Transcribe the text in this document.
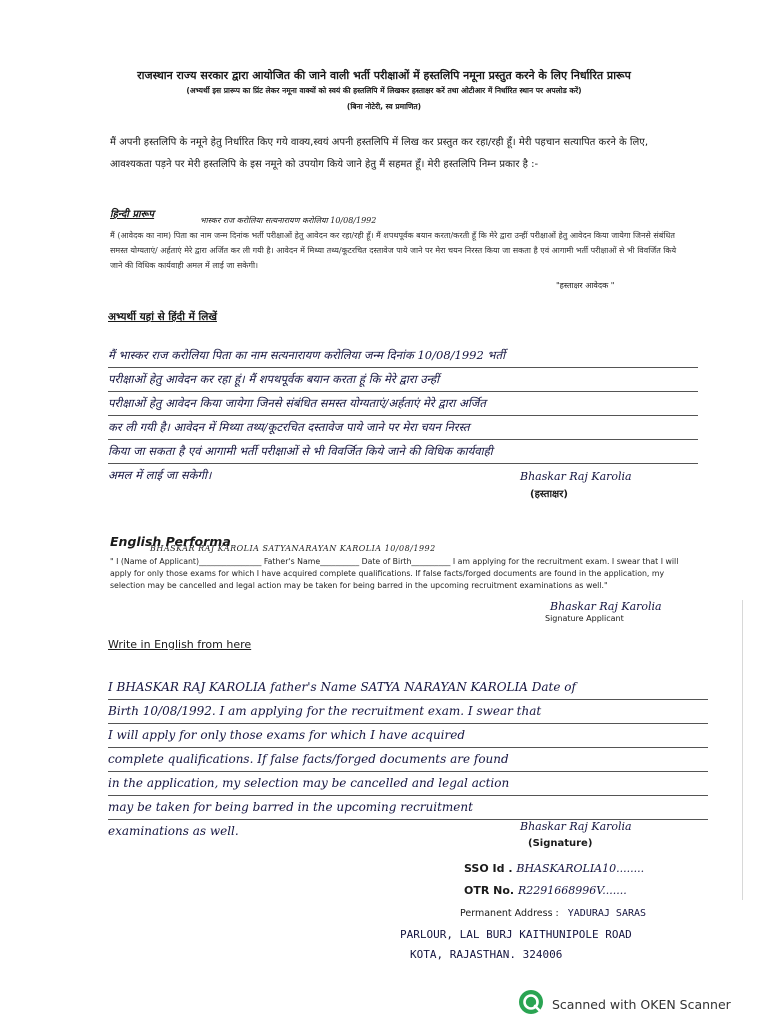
राजस्थान राज्य सरकार द्वारा आयोजित की जाने वाली भर्ती परीक्षाओं में हस्तलिपि नमूना प्रस्तुत करने के लिए निर्धारित प्रारूप
(अभ्यर्थी इस प्रारूप का प्रिंट लेकर नमूना वाक्यों को स्वयं की हस्तलिपि में लिखकर हस्ताक्षर करें तथा ओटीआर में निर्धारित स्थान पर अपलोड करें)
(बिना नोटेरी, स्व प्रमाणित)
मैं अपनी हस्तलिपि के नमूने हेतु निर्धारित किए गये वाक्य,स्वयं अपनी हस्तलिपि में लिख कर प्रस्तुत कर रहा/रही हूँ। मेरी पहचान सत्यापित करने के लिए, आवश्यकता पड़ने पर मेरी हस्तलिपि के इस नमूने को उपयोग किये जाने हेतु मैं सहमत हूँ। मेरी हस्तलिपि निम्न प्रकार है :-
हिन्दी प्रारूप
भास्कर राज करोलिया सत्यनारायण करोलिया 10/08/1992
मैं (आवेदक का नाम) पिता का नाम जन्म दिनांक भर्ती परीक्षाओं हेतु आवेदन कर रहा/रही हूँ। मैं शपथपूर्वक बयान करता/करती हूँ कि मेरे द्वारा उन्हीं परीक्षाओं हेतु आवेदन किया जायेगा जिनसे संबंधित समस्त योग्यताएं/ अर्हताएं मेरे द्वारा अर्जित कर ली गयी है। आवेदन में मिथ्या तथ्य/कूटरचित दस्तावेज पाये जाने पर मेरा चयन निरस्त किया जा सकता है एवं आगामी भर्ती परीक्षाओं से भी विवर्जित किये जाने की विधिक कार्यवाही अमल में लाई जा सकेगी।
"हस्ताक्षर आवेदक "
अभ्यर्थी यहां से हिंदी में लिखें
मैं भास्कर राज करोलिया पिता का नाम सत्यनारायण करोलिया जन्म दिनांक 10/08/1992 भर्ती
परीक्षाओं हेतु आवेदन कर रहा हूं। मैं शपथपूर्वक बयान करता हूं कि मेरे द्वारा उन्हीं
परीक्षाओं हेतु आवेदन किया जायेगा जिनसे संबंधित समस्त योग्यताएं/अर्हताएं मेरे द्वारा अर्जित
कर ली गयी है। आवेदन में मिथ्या तथ्य/कूटरचित दस्तावेज पाये जाने पर मेरा चयन निरस्त
किया जा सकता है एवं आगामी भर्ती परीक्षाओं से भी विवर्जित किये जाने की विधिक कार्यवाही
अमल में लाई जा सकेगी।	Bhaskar Raj Karolia
(हस्ताक्षर)
English Performa
BHASKAR RAJ KAROLIA SATYANARAYAN KAROLIA 10/08/1992
" I (Name of Applicant)________________ Father's Name__________ Date of Birth__________ I am applying for the recruitment exam. I swear that I will apply for only those exams for which I have acquired complete qualifications. If false facts/forged documents are found in the application, my selection may be cancelled and legal action may be taken for being barred in the upcoming recruitment examinations as well."
Bhaskar Raj Karolia
Signature Applicant
Write in English from here
I BHASKAR RAJ KAROLIA father's Name SATYA NARAYAN KAROLIA Date of
Birth 10/08/1992. I am applying for the recruitment exam. I swear that
I will apply for only those exams for which I have acquired
complete qualifications. If false facts/forged documents are found
in the application, my selection may be cancelled and legal action
may be taken for being barred in the upcoming recruitment
examinations as well.	Bhaskar Raj Karolia
(Signature)
SSO Id . BHASKAROLIA10........
OTR No. R2291668996V.......
Permanent Address : YADURAJ SARAS
PARLOUR, LAL BURJ KAITHUNIPOLE ROAD
KOTA, RAJASTHAN. 324006
Scanned with OKEN Scanner
